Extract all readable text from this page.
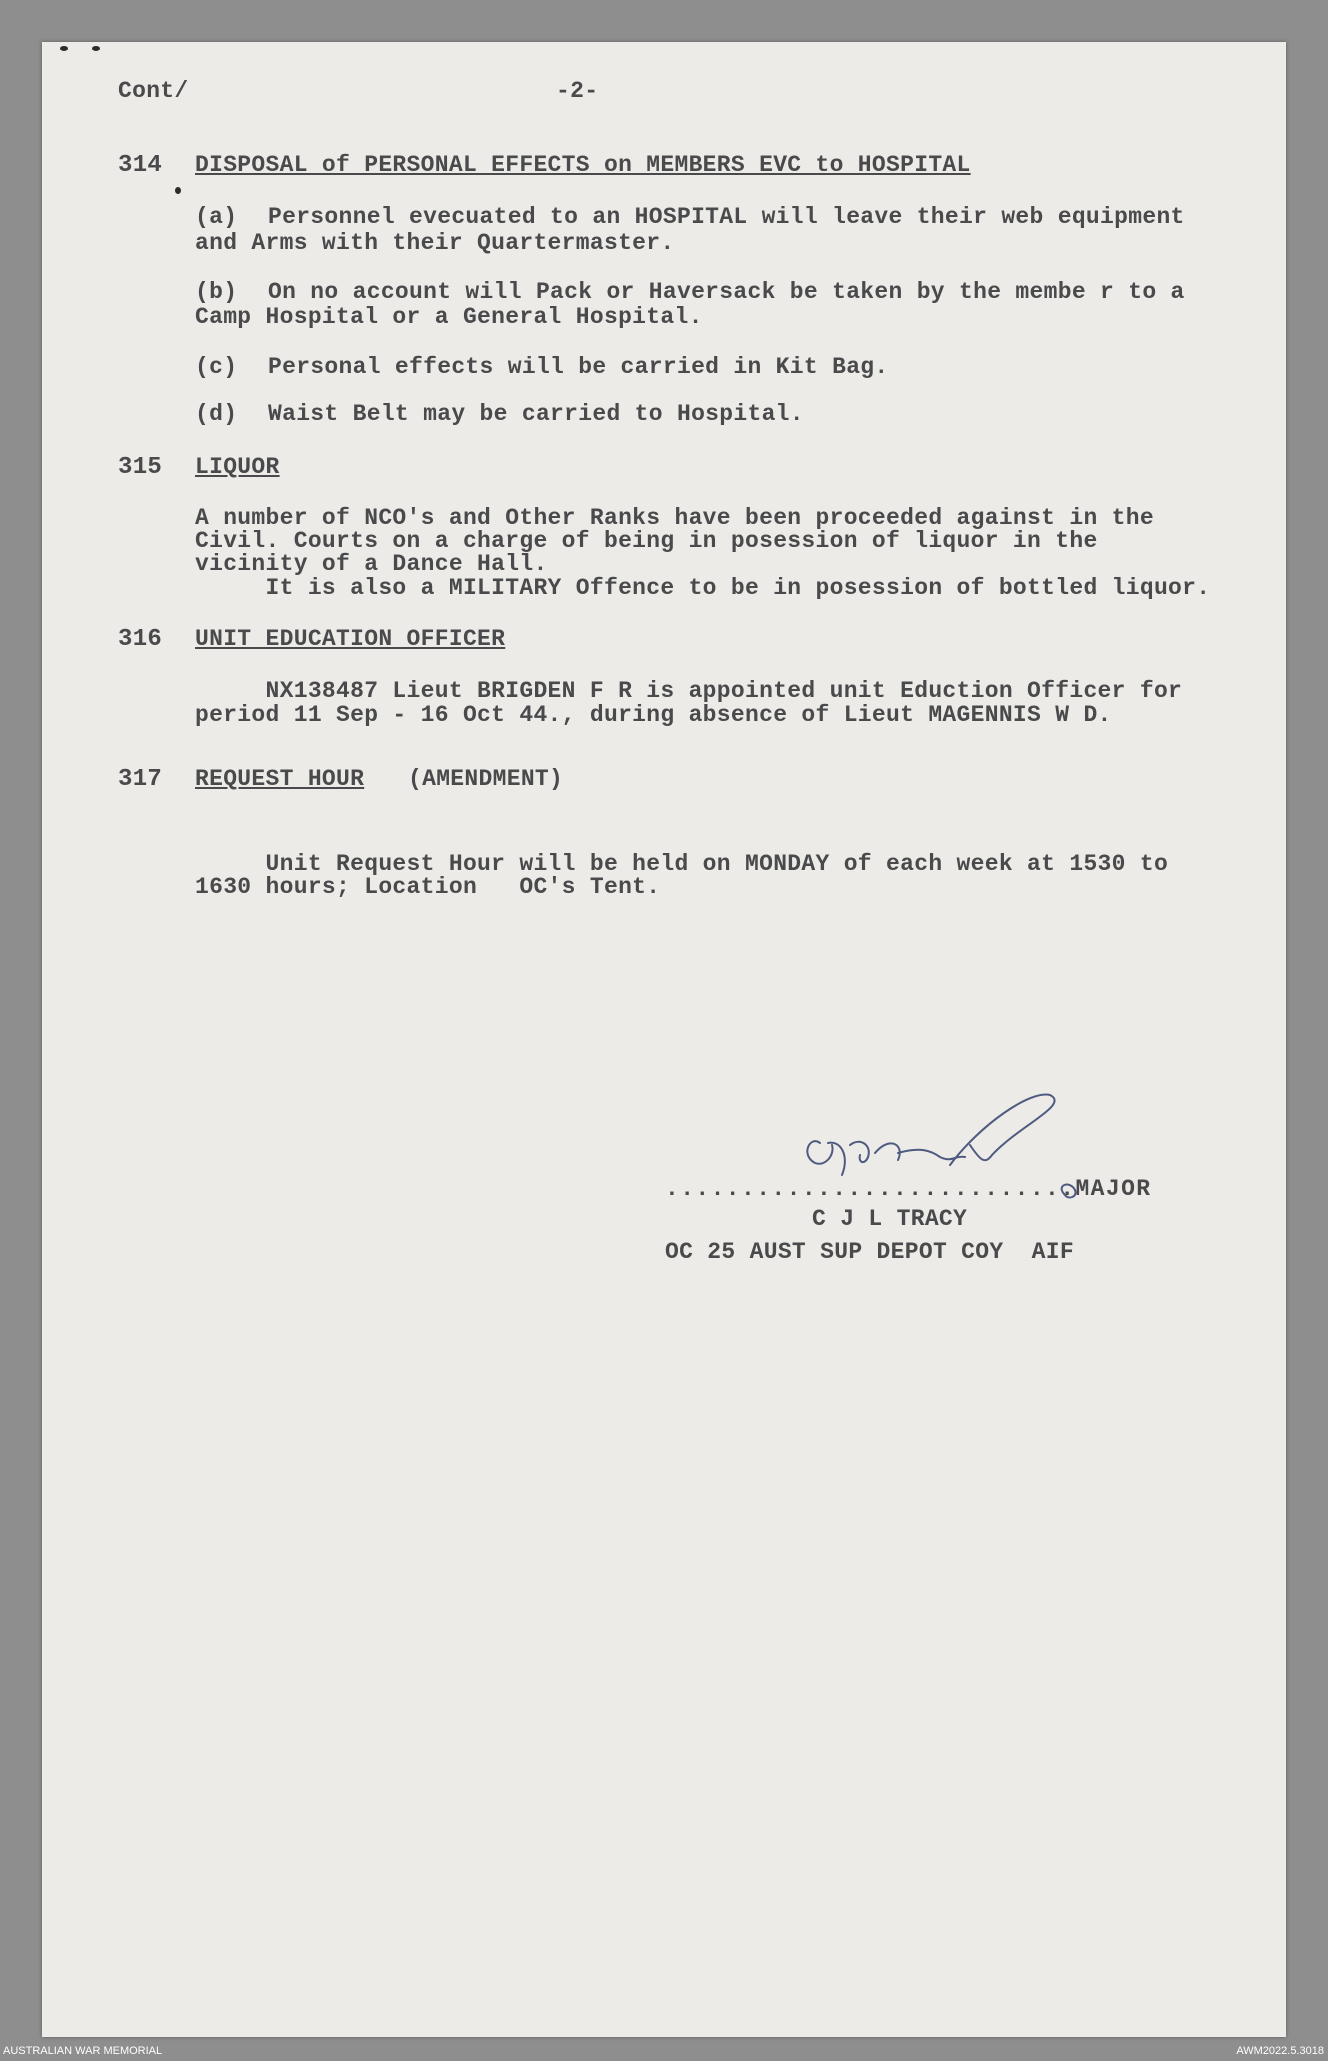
Cont/	-2-
314 DISPOSAL of PERSONAL EFFECTS on MEMBERS EVC to HOSPITAL
(a) Personnel evecuated to an HOSPITAL will leave their web equipment
and Arms with their Quartermaster.
(b) On no account will Pack or Haversack be taken by the membe r to a
Camp Hospital or a General Hospital.
(c) Personal effects will be carried in Kit Bag.
(d) Waist Belt may be carried to Hospital.
315 LIQUOR
A number of NCO's and Other Ranks have been proceeded against in the
Civil. Courts on a charge of being in posession of liquor in the
vicinity of a Dance Hall.
It is also a MILITARY Offence to be in posession of bottled liquor.
316 UNIT EDUCATION OFFICER
NX138487 Lieut BRIGDEN F R is appointed unit Eduction Officer for
period 11 Sep - 16 Oct 44., during absence of Lieut MAGENNIS W D.
317 REQUEST HOUR (AMENDMENT)
Unit Request Hour will be held on MONDAY of each week at 1530 to
1630 hours; Location   OC's Tent.
...........................MAJOR
C J L TRACY
OC 25 AUST SUP DEPOT COY  AIF
AUSTRALIAN WAR MEMORIAL	AWM2022.5.3018
